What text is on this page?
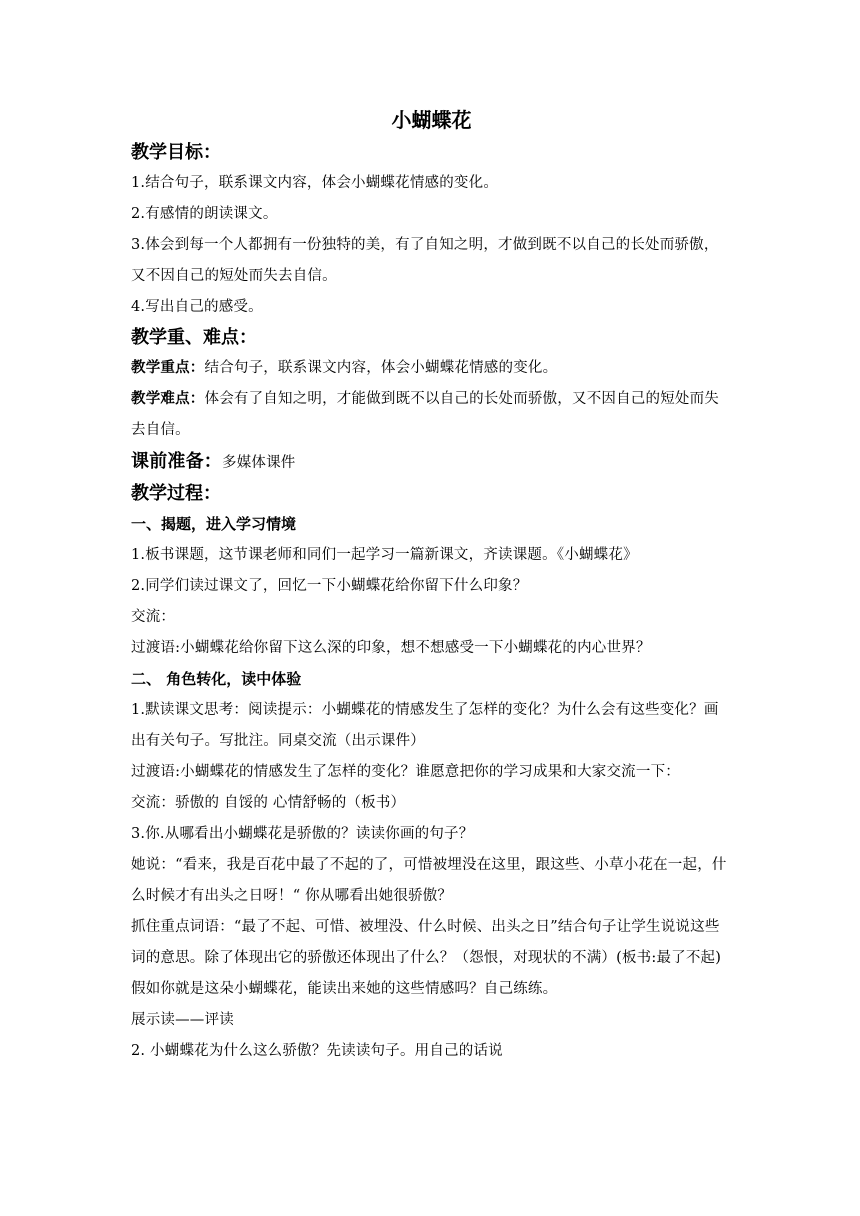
小蝴蝶花
教学目标：
1.结合句子，联系课文内容，体会小蝴蝶花情感的变化。
2.有感情的朗读课文。
3.体会到每一个人都拥有一份独特的美，有了自知之明，才做到既不以自己的长处而骄傲，又不因自己的短处而失去自信。
4.写出自己的感受。
教学重、难点：
教学重点：结合句子，联系课文内容，体会小蝴蝶花情感的变化。
教学难点：体会有了自知之明，才能做到既不以自己的长处而骄傲，又不因自己的短处而失去自信。
课前准备：多媒体课件
教学过程：
一、揭题，进入学习情境
1.板书课题，这节课老师和同们一起学习一篇新课文，齐读课题。《小蝴蝶花》
2.同学们读过课文了，回忆一下小蝴蝶花给你留下什么印象？
交流：
过渡语:小蝴蝶花给你留下这么深的印象，想不想感受一下小蝴蝶花的内心世界？
二、 角色转化，读中体验
1.默读课文思考：阅读提示：小蝴蝶花的情感发生了怎样的变化？为什么会有这些变化？画出有关句子。写批注。同桌交流（出示课件）
过渡语:小蝴蝶花的情感发生了怎样的变化？谁愿意把你的学习成果和大家交流一下：
交流：骄傲的 自馁的 心情舒畅的（板书）
3.你.从哪看出小蝴蝶花是骄傲的？读读你画的句子？
她说：“看来，我是百花中最了不起的了，可惜被埋没在这里，跟这些、小草小花在一起，什么时候才有出头之日呀！“ 你从哪看出她很骄傲？
抓住重点词语：“最了不起、可惜、被埋没、什么时候、出头之日”结合句子让学生说说这些词的意思。除了体现出它的骄傲还体现出了什么？（怨恨，对现状的不满）(板书:最了不起)
假如你就是这朵小蝴蝶花，能读出来她的这些情感吗？自己练练。
展示读——评读
2. 小蝴蝶花为什么这么骄傲？先读读句子。用自己的话说
